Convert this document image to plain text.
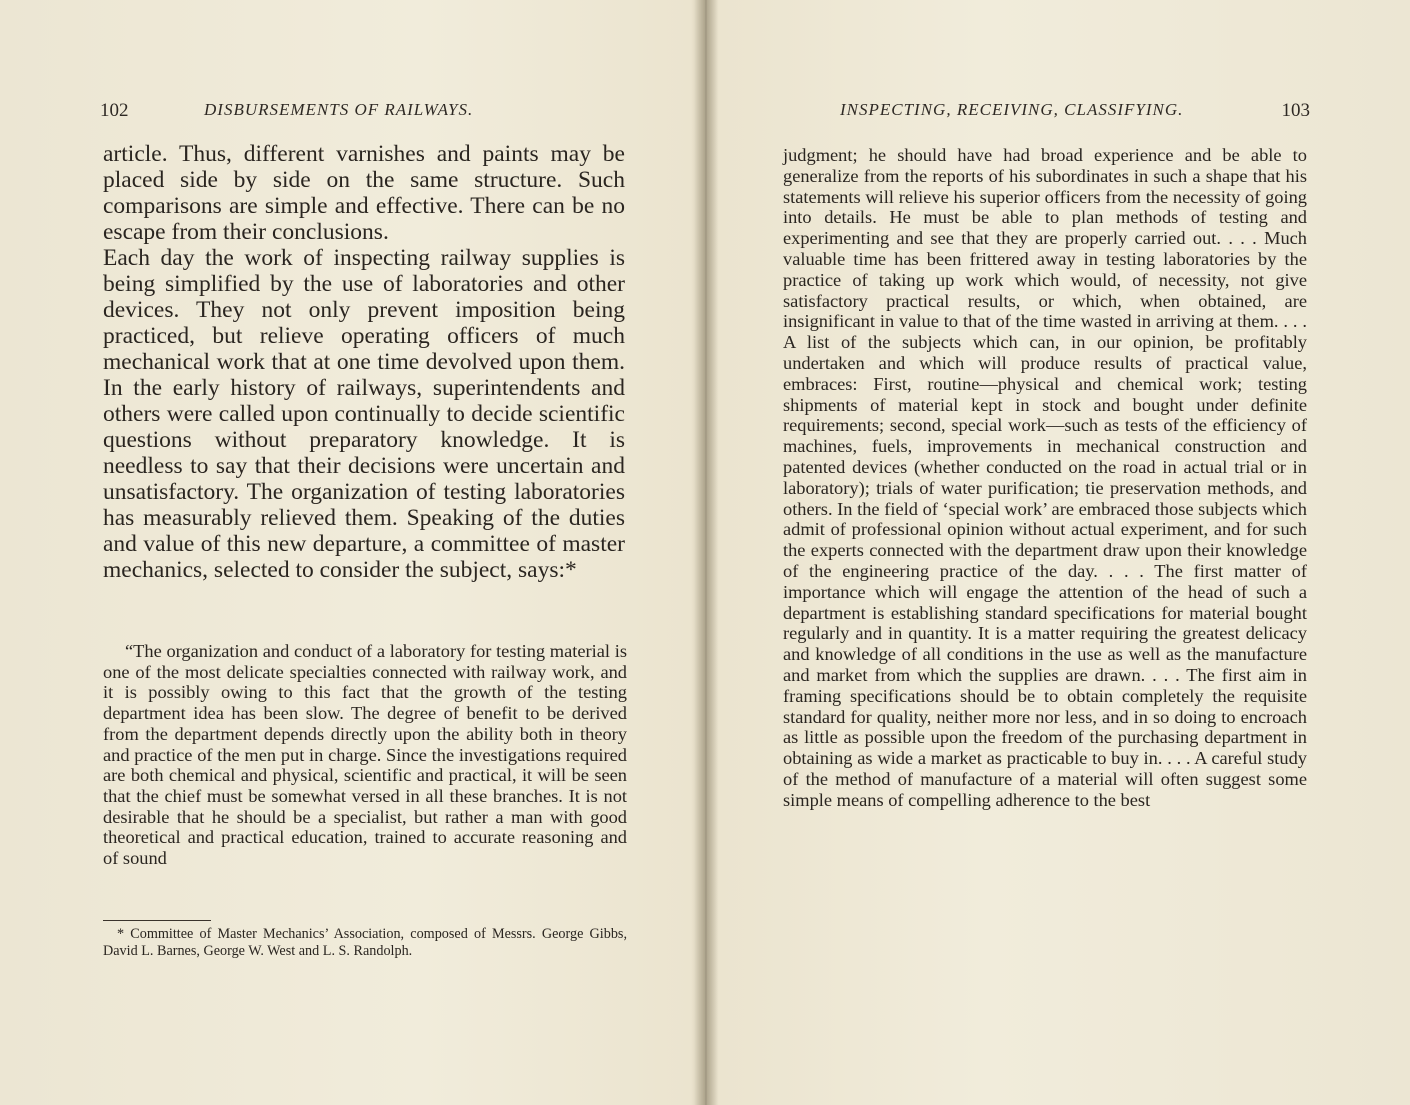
102	DISBURSEMENTS OF RAILWAYS.

article. Thus, different varnishes and paints may be placed side by side on the same structure. Such comparisons are simple and effective. There can be no escape from their conclusions.

Each day the work of inspecting railway supplies is being simplified by the use of laboratories and other devices. They not only prevent imposition being practiced, but relieve operating officers of much mechanical work that at one time devolved upon them. In the early history of railways, superintendents and others were called upon continually to decide scientific questions without preparatory knowledge. It is needless to say that their decisions were uncertain and unsatisfactory. The organization of testing laboratories has measurably relieved them. Speaking of the duties and value of this new departure, a committee of master mechanics, selected to consider the subject, says:*

“The organization and conduct of a laboratory for testing material is one of the most delicate specialties connected with railway work, and it is possibly owing to this fact that the growth of the testing department idea has been slow. The degree of benefit to be derived from the department depends directly upon the ability both in theory and practice of the men put in charge. Since the investigations required are both chemical and physical, scientific and practical, it will be seen that the chief must be somewhat versed in all these branches. It is not desirable that he should be a specialist, but rather a man with good theoretical and practical education, trained to accurate reasoning and of sound

* Committee of Master Mechanics’ Association, composed of Messrs. George Gibbs, David L. Barnes, George W. West and L. S. Randolph.

INSPECTING, RECEIVING, CLASSIFYING.	103

judgment; he should have had broad experience and be able to generalize from the reports of his subordinates in such a shape that his statements will relieve his superior officers from the necessity of going into details. He must be able to plan methods of testing and experimenting and see that they are properly carried out. . . . Much valuable time has been frittered away in testing laboratories by the practice of taking up work which would, of necessity, not give satisfactory practical results, or which, when obtained, are insignificant in value to that of the time wasted in arriving at them. . . . A list of the subjects which can, in our opinion, be profitably undertaken and which will produce results of practical value, embraces: First, routine—physical and chemical work; testing shipments of material kept in stock and bought under definite requirements; second, special work—such as tests of the efficiency of machines, fuels, improvements in mechanical construction and patented devices (whether conducted on the road in actual trial or in laboratory); trials of water purification; tie preservation methods, and others. In the field of ‘special work’ are embraced those subjects which admit of professional opinion without actual experiment, and for such the experts connected with the department draw upon their knowledge of the engineering practice of the day. . . . The first matter of importance which will engage the attention of the head of such a department is establishing standard specifications for material bought regularly and in quantity. It is a matter requiring the greatest delicacy and knowledge of all conditions in the use as well as the manufacture and market from which the supplies are drawn. . . . The first aim in framing specifications should be to obtain completely the requisite standard for quality, neither more nor less, and in so doing to encroach as little as possible upon the freedom of the purchasing department in obtaining as wide a market as practicable to buy in. . . . A careful study of the method of manufacture of a material will often suggest some simple means of compelling adherence to the best
